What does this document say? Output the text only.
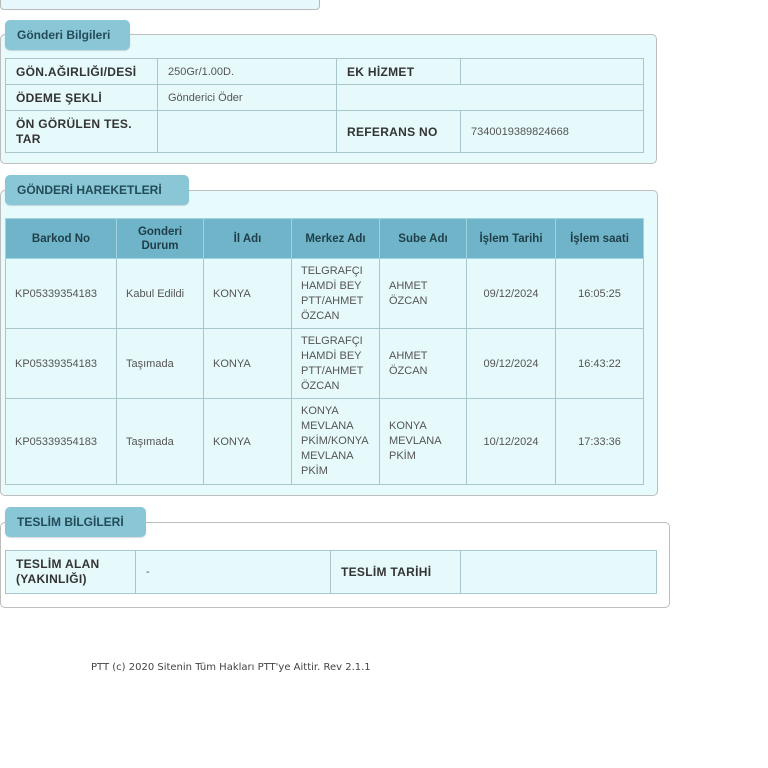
Gönderi Bilgileri
GÖN.AĞIRLIĞI/DESİ	250Gr/1.00D.	EK HİZMET	
ÖDEME ŞEKLİ	Gönderici Öder		
ÖN GÖRÜLEN TES. TAR		REFERANS NO	7340019389824668
GÖNDERİ HAREKETLERİ
Barkod No	Gonderi Durum	İl Adı	Merkez Adı	Sube Adı	İşlem Tarihi	İşlem saati
KP05339354183	Kabul Edildi	KONYA	TELGRAFÇI HAMDİ BEY PTT/AHMET ÖZCAN	AHMET ÖZCAN	09/12/2024	16:05:25
KP05339354183	Taşımada	KONYA	TELGRAFÇI HAMDİ BEY PTT/AHMET ÖZCAN	AHMET ÖZCAN	09/12/2024	16:43:22
KP05339354183	Taşımada	KONYA	KONYA MEVLANA PKİM/KONYA MEVLANA PKİM	KONYA MEVLANA PKİM	10/12/2024	17:33:36
TESLİM BİLGİLERİ
TESLİM ALAN (YAKINLIĞI)	-	TESLİM TARİHİ	
PTT (c) 2020 Sitenin Tüm Hakları PTT'ye Aittir. Rev 2.1.1
